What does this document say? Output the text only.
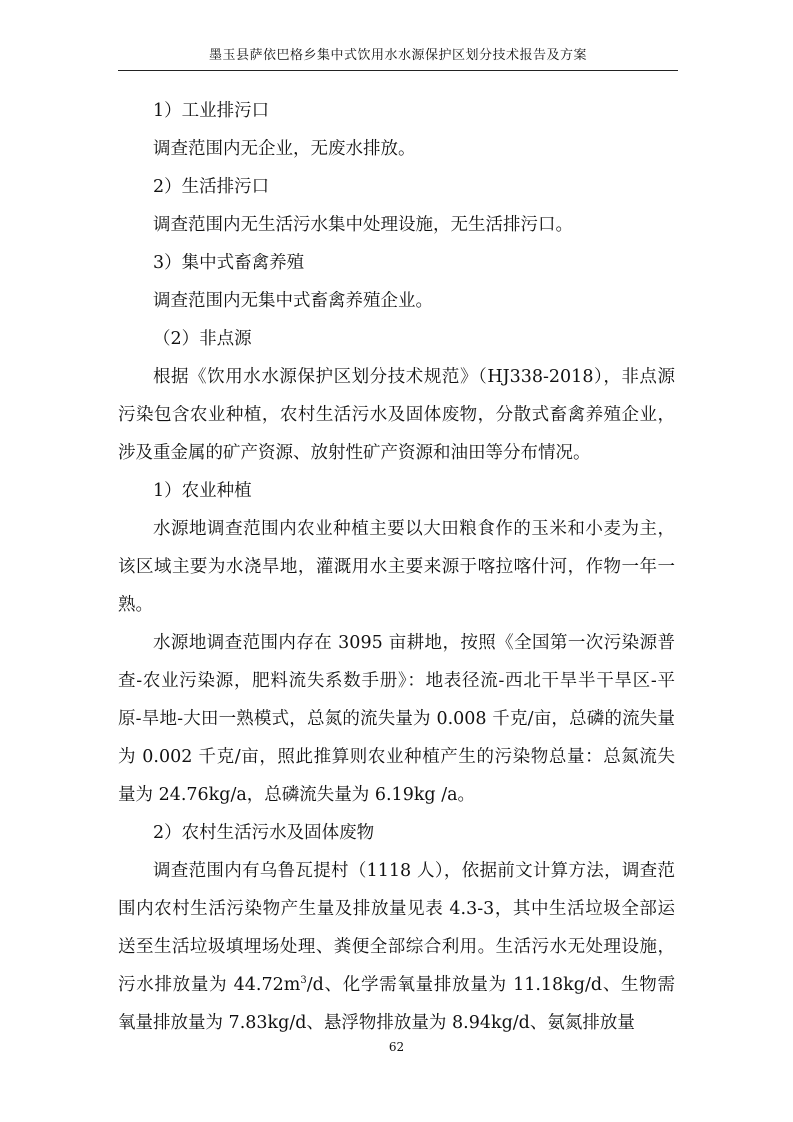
墨玉县萨依巴格乡集中式饮用水水源保护区划分技术报告及方案

1）工业排污口

调查范围内无企业，无废水排放。

2）生活排污口

调查范围内无生活污水集中处理设施，无生活排污口。

3）集中式畜禽养殖

调查范围内无集中式畜禽养殖企业。

（2）非点源

根据《饮用水水源保护区划分技术规范》（HJ338-2018），非点源污染包含农业种植，农村生活污水及固体废物，分散式畜禽养殖企业，涉及重金属的矿产资源、放射性矿产资源和油田等分布情况。

1）农业种植

水源地调查范围内农业种植主要以大田粮食作的玉米和小麦为主，该区域主要为水浇旱地，灌溉用水主要来源于喀拉喀什河，作物一年一熟。

水源地调查范围内存在 3095 亩耕地，按照《全国第一次污染源普查-农业污染源，肥料流失系数手册》：地表径流-西北干旱半干旱区-平原-旱地-大田一熟模式，总氮的流失量为 0.008 千克/亩，总磷的流失量为 0.002 千克/亩，照此推算则农业种植产生的污染物总量：总氮流失量为 24.76kg/a，总磷流失量为 6.19kg /a。

2）农村生活污水及固体废物

调查范围内有乌鲁瓦提村（1118 人），依据前文计算方法，调查范围内农村生活污染物产生量及排放量见表 4.3-3，其中生活垃圾全部运送至生活垃圾填埋场处理、粪便全部综合利用。生活污水无处理设施，污水排放量为 $44.72m^3/d$、化学需氧量排放量为 11.18kg/d、生物需氧量排放量为 7.83kg/d、悬浮物排放量为 8.94kg/d、氨氮排放量

62
